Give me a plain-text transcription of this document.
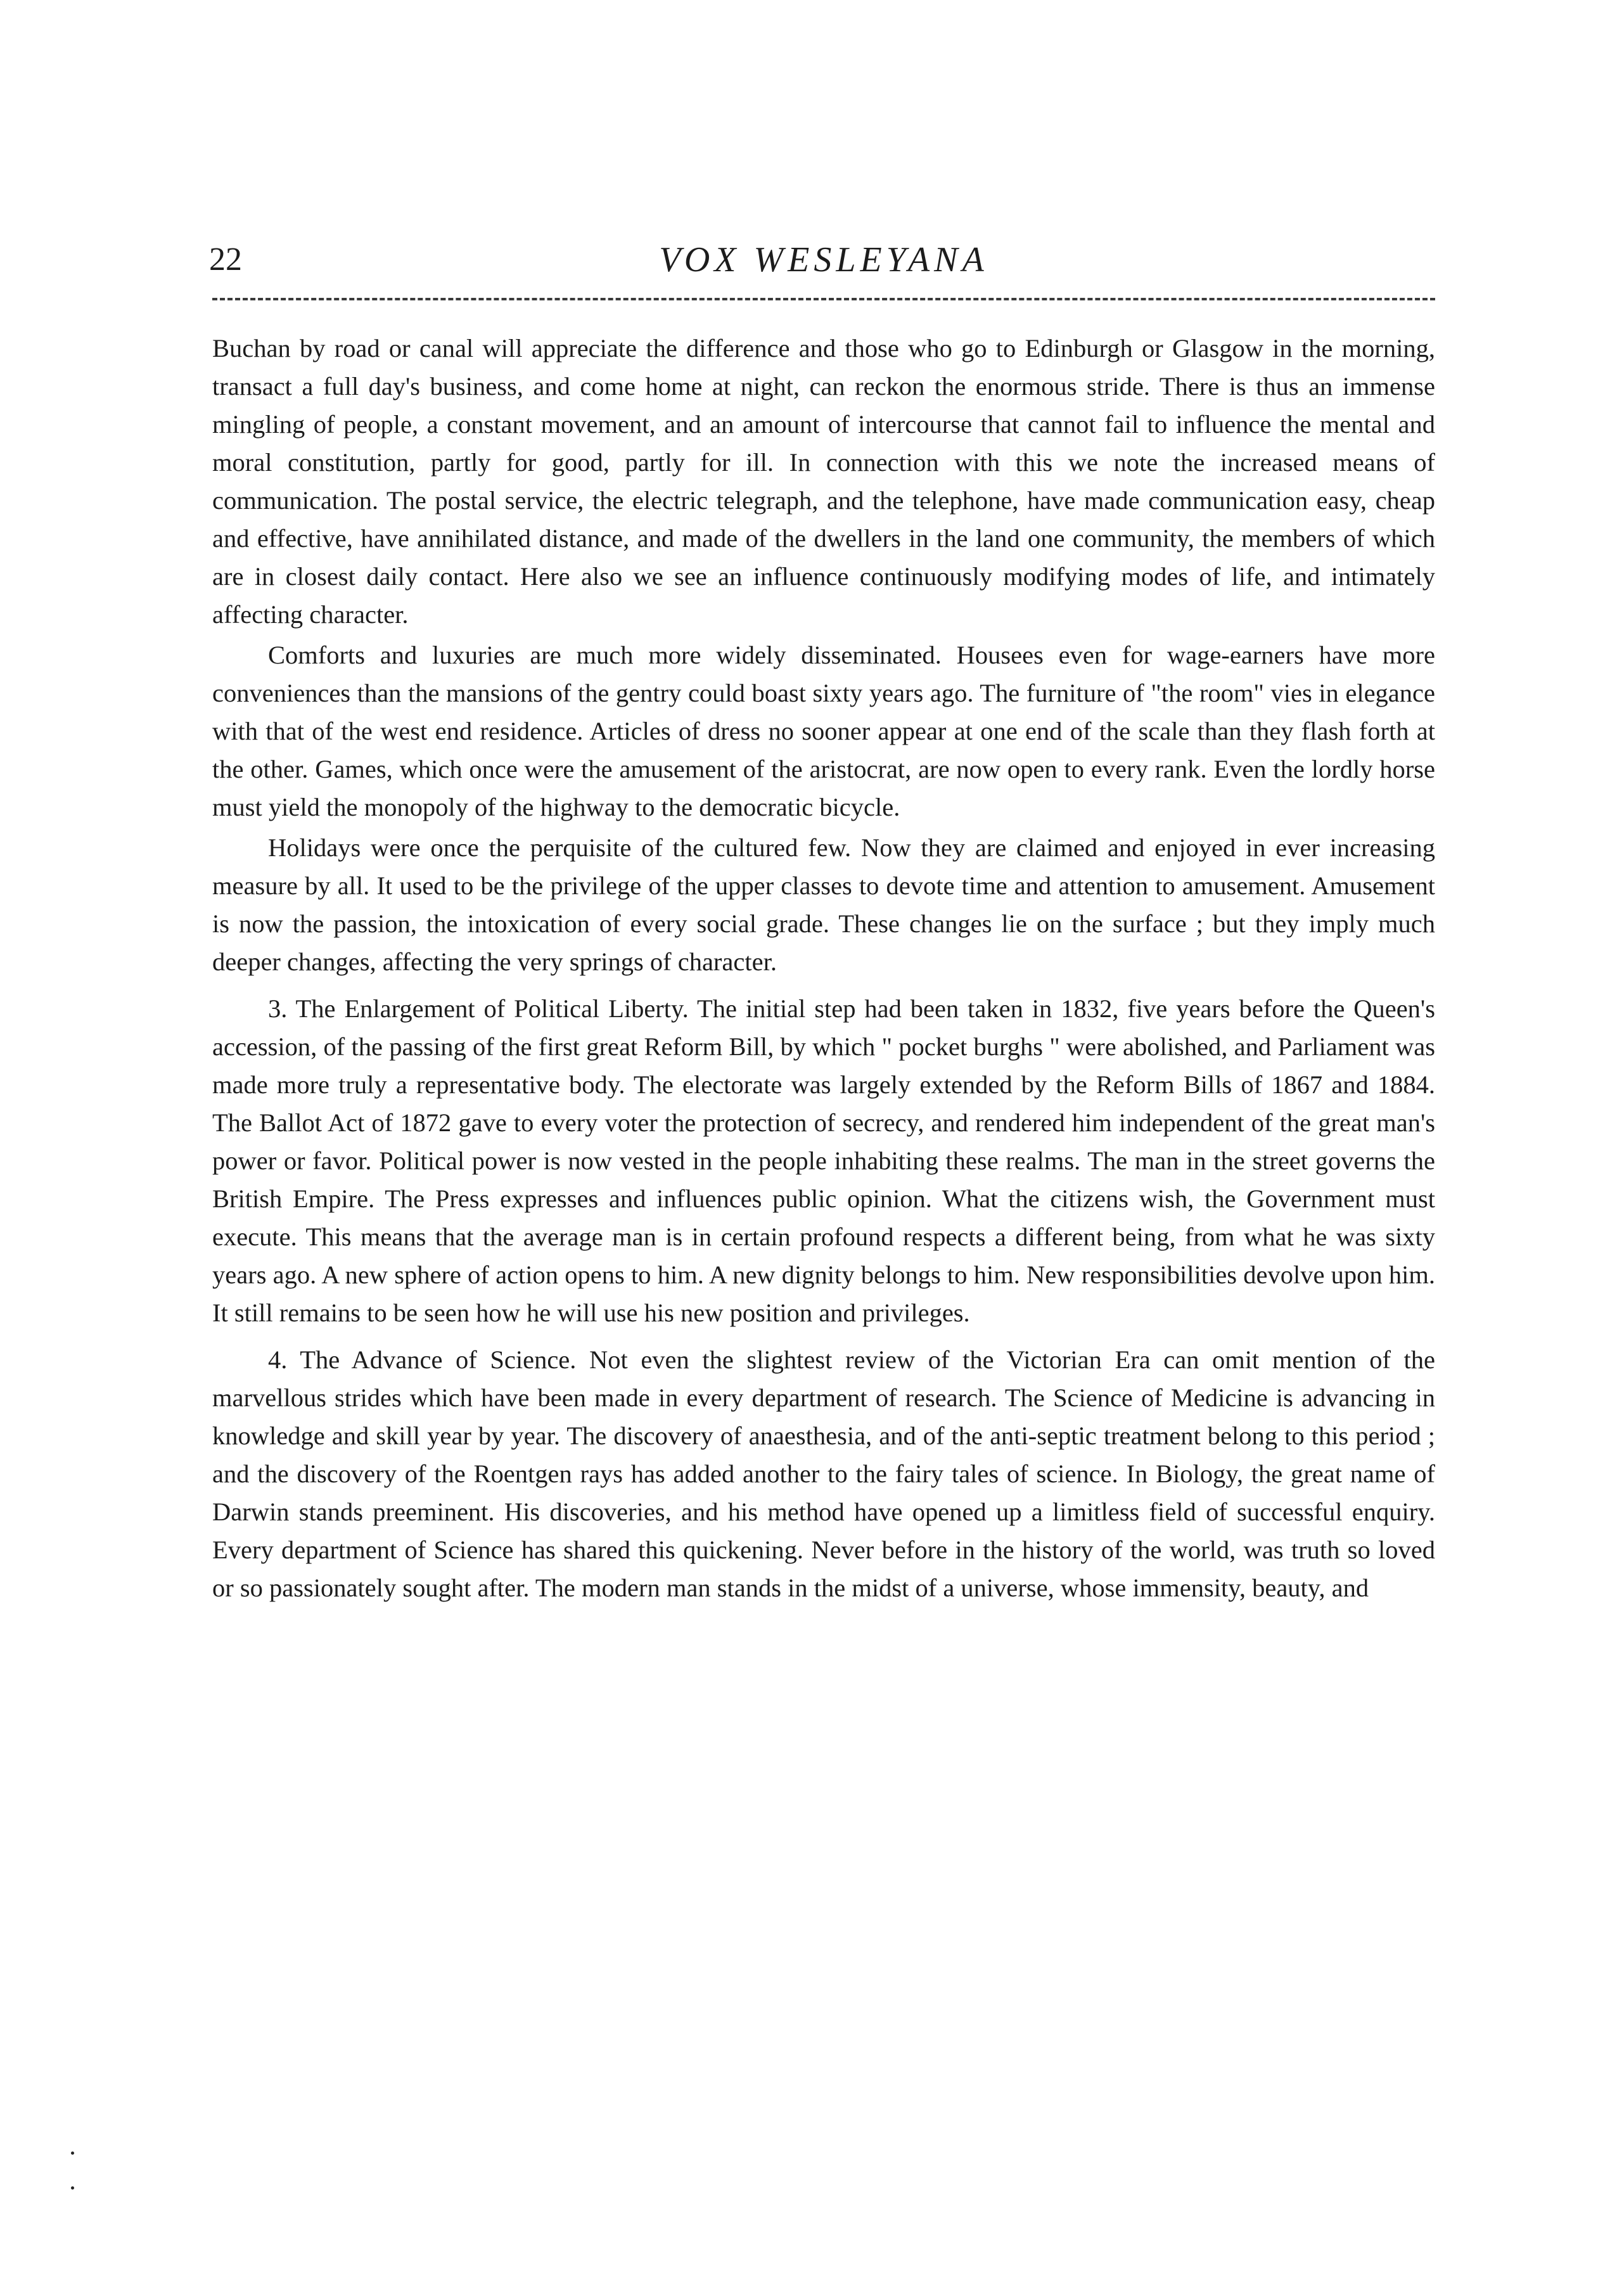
22	VOX WESLEYANA

Buchan by road or canal will appreciate the difference and those who go to Edinburgh or Glasgow in the morning, transact a full day's business, and come home at night, can reckon the enormous stride. There is thus an immense mingling of people, a constant movement, and an amount of intercourse that cannot fail to influence the mental and moral constitution, partly for good, partly for ill. In connection with this we note the increased means of communication. The postal service, the electric telegraph, and the telephone, have made communication easy, cheap and effective, have annihilated distance, and made of the dwellers in the land one community, the members of which are in closest daily contact. Here also we see an influence continuously modifying modes of life, and intimately affecting character.

Comforts and luxuries are much more widely disseminated. Housees even for wage-earners have more conveniences than the mansions of the gentry could boast sixty years ago. The furniture of "the room" vies in elegance with that of the west end residence. Articles of dress no sooner appear at one end of the scale than they flash forth at the other. Games, which once were the amusement of the aristocrat, are now open to every rank. Even the lordly horse must yield the monopoly of the highway to the democratic bicycle.

Holidays were once the perquisite of the cultured few. Now they are claimed and enjoyed in ever increasing measure by all. It used to be the privilege of the upper classes to devote time and attention to amusement. Amusement is now the passion, the intoxication of every social grade. These changes lie on the surface ; but they imply much deeper changes, affecting the very springs of character.

3. The Enlargement of Political Liberty. The initial step had been taken in 1832, five years before the Queen's accession, of the passing of the first great Reform Bill, by which " pocket burghs " were abolished, and Parliament was made more truly a representative body. The electorate was largely extended by the Reform Bills of 1867 and 1884. The Ballot Act of 1872 gave to every voter the protection of secrecy, and rendered him independent of the great man's power or favor. Political power is now vested in the people inhabiting these realms. The man in the street governs the British Empire. The Press expresses and influences public opinion. What the citizens wish, the Government must execute. This means that the average man is in certain profound respects a different being, from what he was sixty years ago. A new sphere of action opens to him. A new dignity belongs to him. New responsibilities devolve upon him. It still remains to be seen how he will use his new position and privileges.

4. The Advance of Science. Not even the slightest review of the Victorian Era can omit mention of the marvellous strides which have been made in every department of research. The Science of Medicine is advancing in knowledge and skill year by year. The discovery of anaesthesia, and of the anti-septic treatment belong to this period ; and the discovery of the Roentgen rays has added another to the fairy tales of science. In Biology, the great name of Darwin stands preeminent. His discoveries, and his method have opened up a limitless field of successful enquiry. Every department of Science has shared this quickening. Never before in the history of the world, was truth so loved or so passionately sought after. The modern man stands in the midst of a universe, whose immensity, beauty, and
